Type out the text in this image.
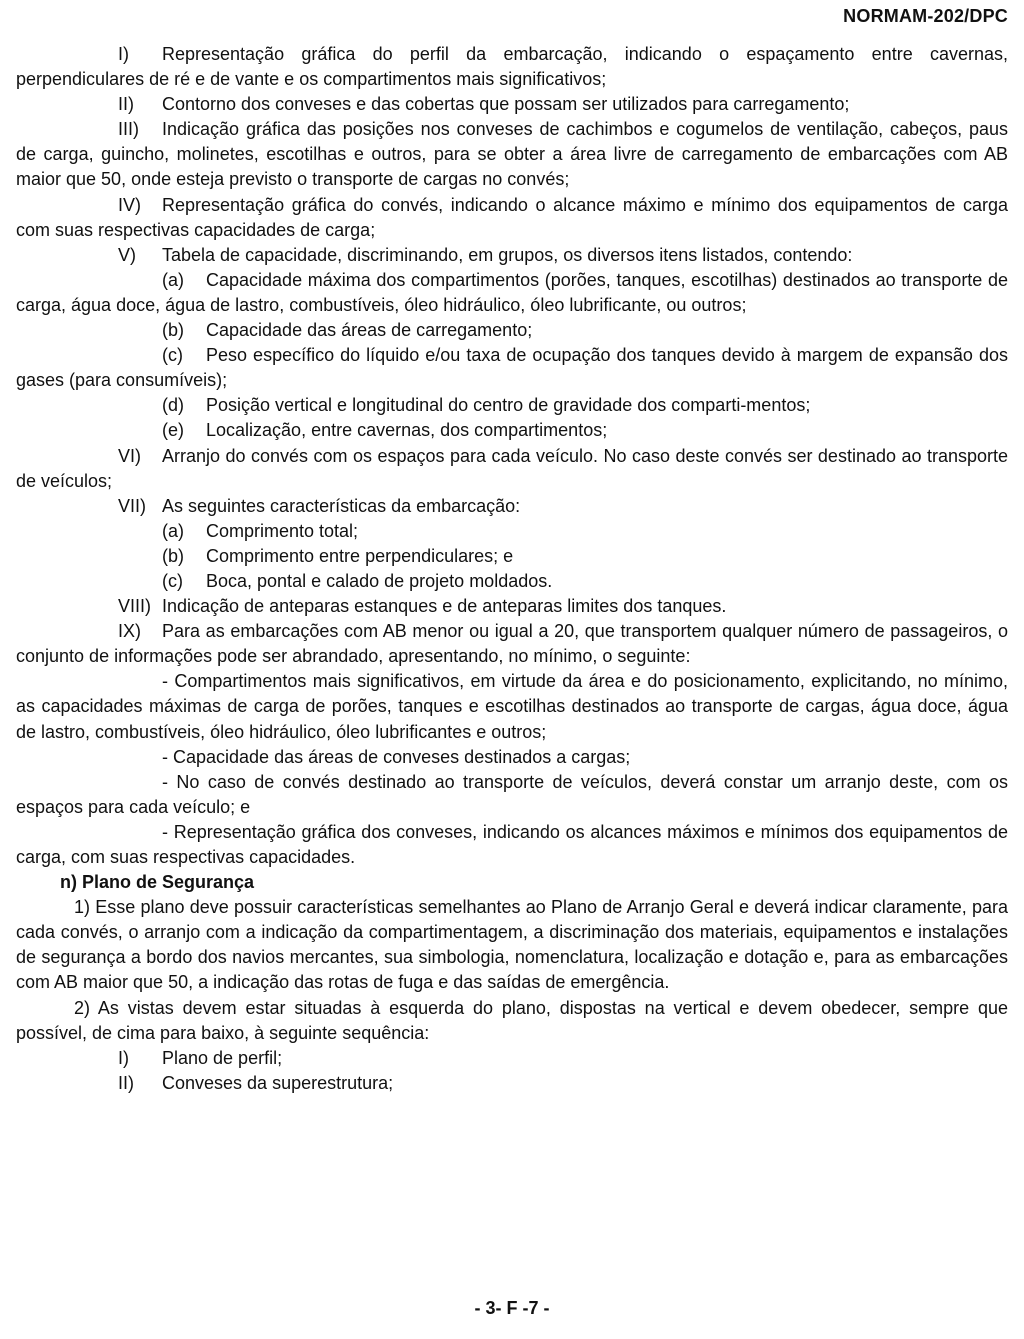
NORMAM-202/DPC

I) Representação gráfica do perfil da embarcação, indicando o espaçamento entre cavernas, perpendiculares de ré e de vante e os compartimentos mais significativos;

II) Contorno dos conveses e das cobertas que possam ser utilizados para carregamento;

III) Indicação gráfica das posições nos conveses de cachimbos e cogumelos de ventilação, cabeços, paus de carga, guincho, molinetes, escotilhas e outros, para se obter a área livre de carregamento de embarcações com AB maior que 50, onde esteja previsto o transporte de cargas no convés;

IV) Representação gráfica do convés, indicando o alcance máximo e mínimo dos equipamentos de carga com suas respectivas capacidades de carga;

V) Tabela de capacidade, discriminando, em grupos, os diversos itens listados, contendo:

(a) Capacidade máxima dos compartimentos (porões, tanques, escotilhas) destinados ao transporte de carga, água doce, água de lastro, combustíveis, óleo hidráulico, óleo lubrificante, ou outros;

(b) Capacidade das áreas de carregamento;

(c) Peso específico do líquido e/ou taxa de ocupação dos tanques devido à margem de expansão dos gases (para consumíveis);

(d) Posição vertical e longitudinal do centro de gravidade dos comparti-mentos;

(e) Localização, entre cavernas, dos compartimentos;

VI) Arranjo do convés com os espaços para cada veículo. No caso deste convés ser destinado ao transporte de veículos;

VII) As seguintes características da embarcação:

(a) Comprimento total;

(b) Comprimento entre perpendiculares; e

(c) Boca, pontal e calado de projeto moldados.

VIII) Indicação de anteparas estanques e de anteparas limites dos tanques.

IX) Para as embarcações com AB menor ou igual a 20, que transportem qualquer número de passageiros, o conjunto de informações pode ser abrandado, apresentando, no mínimo, o seguinte:

- Compartimentos mais significativos, em virtude da área e do posicionamento, explicitando, no mínimo, as capacidades máximas de carga de porões, tanques e escotilhas destinados ao transporte de cargas, água doce, água de lastro, combustíveis, óleo hidráulico, óleo lubrificantes e outros;

- Capacidade das áreas de conveses destinados a cargas;

- No caso de convés destinado ao transporte de veículos, deverá constar um arranjo deste, com os espaços para cada veículo; e

- Representação gráfica dos conveses, indicando os alcances máximos e mínimos dos equipamentos de carga, com suas respectivas capacidades.

n) Plano de Segurança

1) Esse plano deve possuir características semelhantes ao Plano de Arranjo Geral e deverá indicar claramente, para cada convés, o arranjo com a indicação da compartimentagem, a discriminação dos materiais, equipamentos e instalações de segurança a bordo dos navios mercantes, sua simbologia, nomenclatura, localização e dotação e, para as embarcações com AB maior que 50, a indicação das rotas de fuga e das saídas de emergência.

2) As vistas devem estar situadas à esquerda do plano, dispostas na vertical e devem obedecer, sempre que possível, de cima para baixo, à seguinte sequência:

I) Plano de perfil;

II) Conveses da superestrutura;

- 3- F -7 -
